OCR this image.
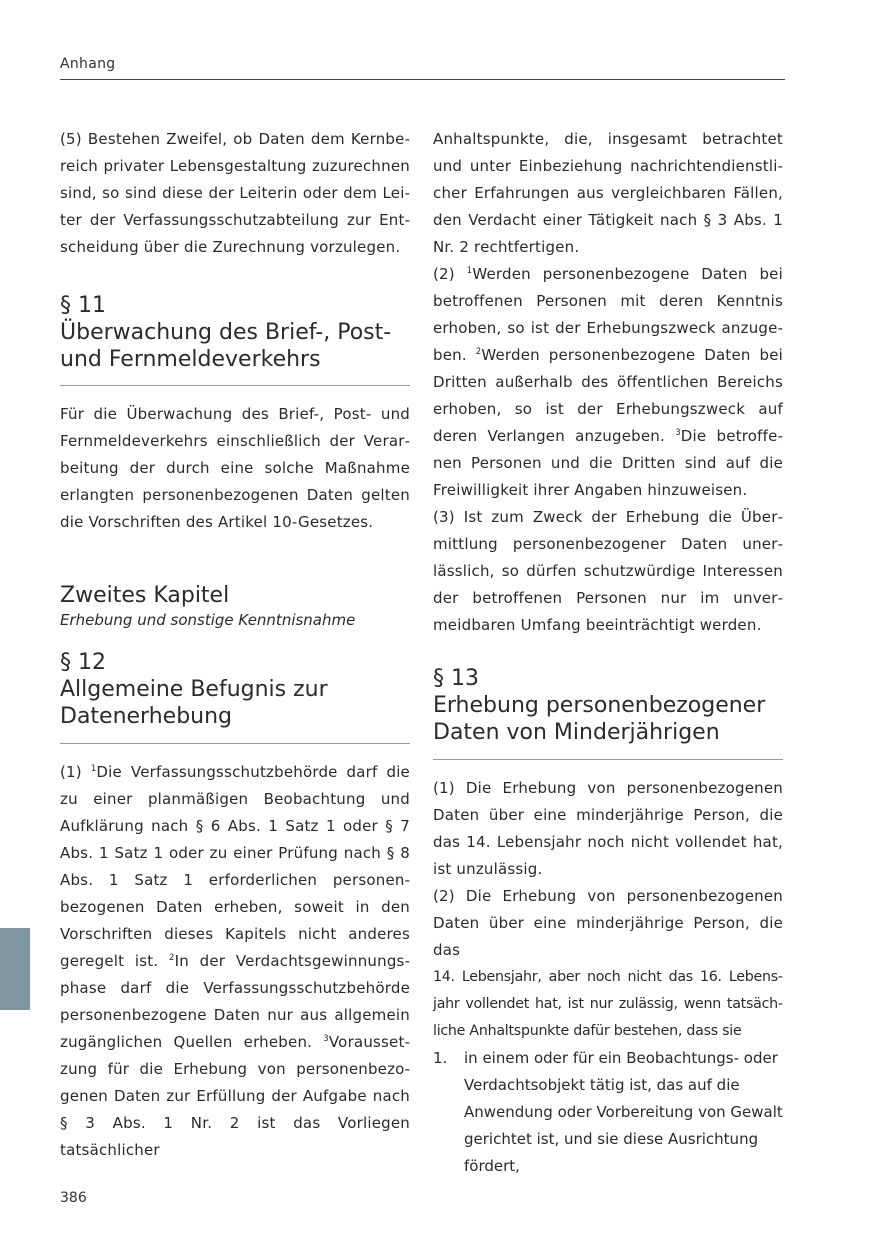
Anhang

(5) Bestehen Zweifel, ob Daten dem Kernbereich privater Lebensgestaltung zuzurechnen sind, so sind diese der Leiterin oder dem Leiter der Verfassungsschutzabteilung zur Entscheidung über die Zurechnung vorzulegen.

§ 11
Überwachung des Brief-, Post-
und Fernmeldeverkehrs

Für die Überwachung des Brief-, Post- und Fernmeldeverkehrs einschließlich der Verarbeitung der durch eine solche Maßnahme erlangten personenbezogenen Daten gelten die Vorschriften des Artikel 10-Gesetzes.

Zweites Kapitel

Erhebung und sonstige Kenntnisnahme

§ 12
Allgemeine Befugnis zur
Datenerhebung

(1) $^1$Die Verfassungsschutzbehörde darf die zu einer planmäßigen Beobachtung und Aufklärung nach § 6 Abs. 1 Satz 1 oder § 7 Abs. 1 Satz 1 oder zu einer Prüfung nach § 8 Abs. 1 Satz 1 erforderlichen personenbezogenen Daten erheben, soweit in den Vorschriften dieses Kapitels nicht anderes geregelt ist. $^2$In der Verdachtsgewinnungsphase darf die Verfassungsschutzbehörde personenbezogene Daten nur aus allgemein zugänglichen Quellen erheben. $^3$Voraussetzung für die Erhebung von personenbezogenen Daten zur Erfüllung der Aufgabe nach § 3 Abs. 1 Nr. 2 ist das Vorliegen tatsächlicher

Anhaltspunkte, die, insgesamt betrachtet und unter Einbeziehung nachrichtendienstlicher Erfahrungen aus vergleichbaren Fällen, den Verdacht einer Tätigkeit nach § 3 Abs. 1 Nr. 2 rechtfertigen.

(2) $^1$Werden personenbezogene Daten bei betroffenen Personen mit deren Kenntnis erhoben, so ist der Erhebungszweck anzugeben. $^2$Werden personenbezogene Daten bei Dritten außerhalb des öffentlichen Bereichs erhoben, so ist der Erhebungszweck auf deren Verlangen anzugeben. $^3$Die betroffenen Personen und die Dritten sind auf die Freiwilligkeit ihrer Angaben hinzuweisen.

(3) Ist zum Zweck der Erhebung die Übermittlung personenbezogener Daten unerlässlich, so dürfen schutzwürdige Interessen der betroffenen Personen nur im unvermeidbaren Umfang beeinträchtigt werden.

§ 13
Erhebung personenbezogener
Daten von Minderjährigen

(1) Die Erhebung von personenbezogenen Daten über eine minderjährige Person, die das 14. Lebensjahr noch nicht vollendet hat, ist unzulässig.

(2) Die Erhebung von personenbezogenen Daten über eine minderjährige Person, die das

14. Lebensjahr, aber noch nicht das 16. Lebensjahr vollendet hat, ist nur zulässig, wenn tatsächliche Anhaltspunkte dafür bestehen, dass sie

1. in einem oder für ein Beobachtungs- oder Verdachtsobjekt tätig ist, das auf die Anwendung oder Vorbereitung von Gewalt gerichtet ist, und sie diese Ausrichtung fördert,
386
